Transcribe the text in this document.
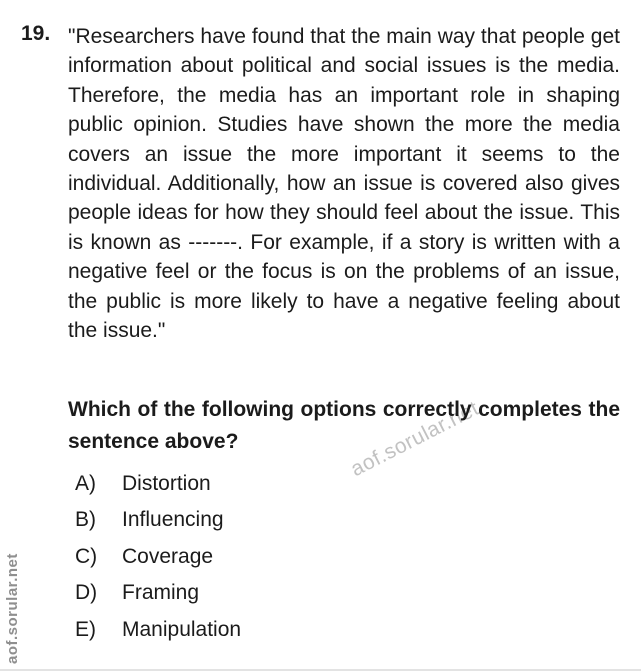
19. "Researchers have found that the main way that people get information about political and social issues is the media. Therefore, the media has an important role in shaping public opinion. Studies have shown the more the media covers an issue the more important it seems to the individual. Additionally, how an issue is covered also gives people ideas for how they should feel about the issue. This is known as -------. For example, if a story is written with a negative feel or the focus is on the problems of an issue, the public is more likely to have a negative feeling about the issue."
Which of the following options correctly completes the sentence above?
A)	Distortion
B)	Influencing
C)	Coverage
D)	Framing
E)	Manipulation
aof.sorular.net
aof.sorular.net
